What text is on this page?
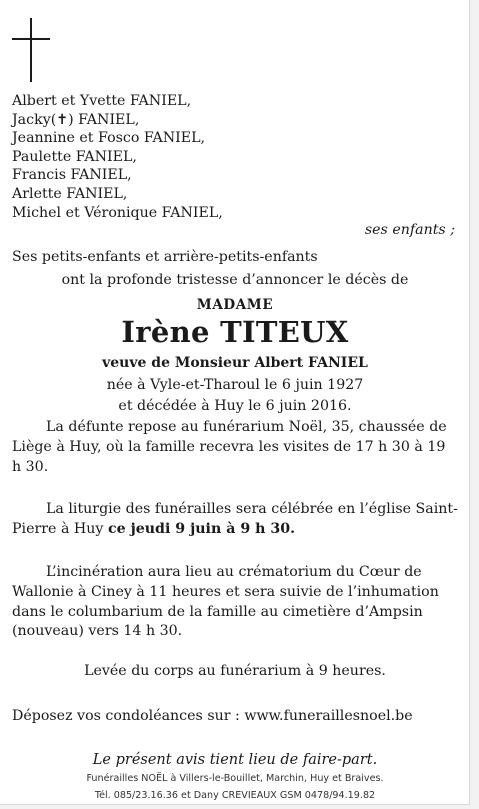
Albert et Yvette FANIEL,
Jacky(✝) FANIEL,
Jeannine et Fosco FANIEL,
Paulette FANIEL,
Francis FANIEL,
Arlette FANIEL,
Michel et Véronique FANIEL,
ses enfants ;
Ses petits-enfants et arrière-petits-enfants
ont la profonde tristesse d’annoncer le décès de
MADAME
Irène TITEUX
veuve de Monsieur Albert FANIEL
née à Vyle-et-Tharoul le 6 juin 1927
et décédée à Huy le 6 juin 2016.
La défunte repose au funérarium Noël, 35, chaussée de Liège à Huy, où la famille recevra les visites de 17 h 30 à 19 h 30.
La liturgie des funérailles sera célébrée en l’église Saint-Pierre à Huy ce jeudi 9 juin à 9 h 30.
L’incinération aura lieu au crématorium du Cœur de Wallonie à Ciney à 11 heures et sera suivie de l’inhumation dans le columbarium de la famille au cimetière d’Ampsin (nouveau) vers 14 h 30.
Levée du corps au funérarium à 9 heures.
Déposez vos condoléances sur : www.funeraillesnoel.be
Le présent avis tient lieu de faire-part.
Funérailles NOËL à Villers-le-Bouillet, Marchin, Huy et Braives.
Tél. 085/23.16.36 et Dany CREVIEAUX GSM 0478/94.19.82
